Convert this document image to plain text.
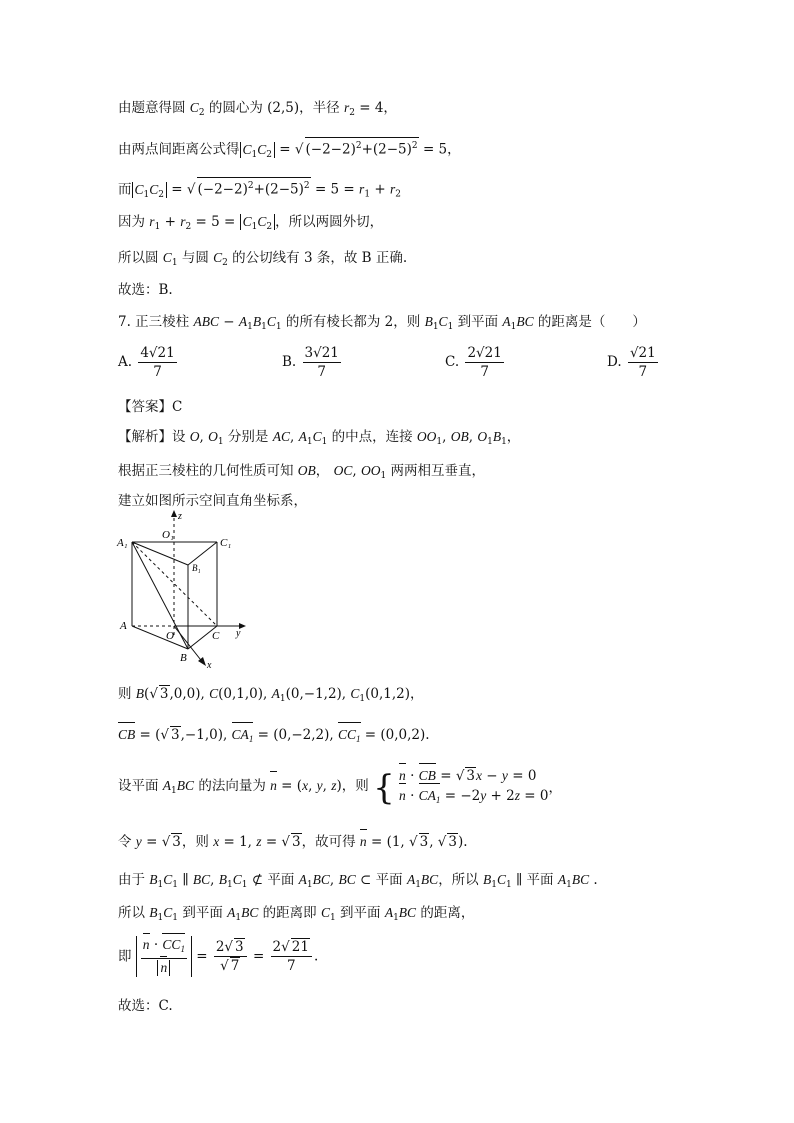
由题意得圆 $C_2$ 的圆心为 (2,5)，半径 $r_2 = 4$，
由两点间距离公式得 $C_1C_2$ = √ $(-2-2)^2+(2-5)^2 = 5$，
而 $C_1C_2$ = √ $(-2-2)^2+(2-5)^2 = 5 = r_1 + r_2$
因为 $r_1 + r_2 = 5 = C_1C_2$ ，所以两圆外切，
所以圆 $C_1$ 与圆 $C_2$ 的公切线有 3 条，故 B 正确.
故选：B.
7. 正三棱柱 ABC − $A_1B_1C_1$ 的所有棱长都为 2，则 $B_1C_1$ 到平面 $A_1BC$ 的距离是（　　）
A. $\frac{4√21}{7}$	B. $\frac{3√21}{7}$	C. $\frac{2√21}{7}$	D. $\frac{√21}{7}$
【答案】C
【解析】设 O, $O_1$ 分别是 AC, $A_1C_1$ 的中点，连接 $OO_1$, OB, $O_1B_1$，
根据正三棱柱的几何性质可知 OB， OC, $OO_1$ 两两相互垂直，
建立如图所示空间直角坐标系，
A₁
O₁
C₁
B₁
A
O	C
B
x
y
z
则 B(√ 3,0,0), C(0,1,0), $A_1(0,-1,2)$, $C_1(0,1,2)$，
CB = (√ 3,−1,0), $CA_1 = (0,-2,2)$, $CC_1 = (0,0,2)$.
设平面 $A_1BC$ 的法向量为 n = (x, y, z)，则 { n · CB = √ 3x − y = 0
$n \cdot CA_1 = -2y + 2z = 0$ ，
令 y = √ 3，则 x = 1, z = √ 3，故可得 n = (1, √ 3, √ 3).
由于 $B_1C_1$ ∥ BC, $B_1C_1$ ⊄ 平面 $A_1BC$, BC ⊂ 平面 $A_1BC$，所以 $B_1C_1$ ∥ 平面 $A_1BC$ .
所以 $B_1C_1$ 到平面 $A_1BC$ 的距离即 $C_1$ 到平面 $A_1BC$ 的距离，
即 $\frac{n \cdot CC_1}{n} = \frac{2√ 3}{√ 7} = \frac{2√ 21}{7}$ .
故选：C.
